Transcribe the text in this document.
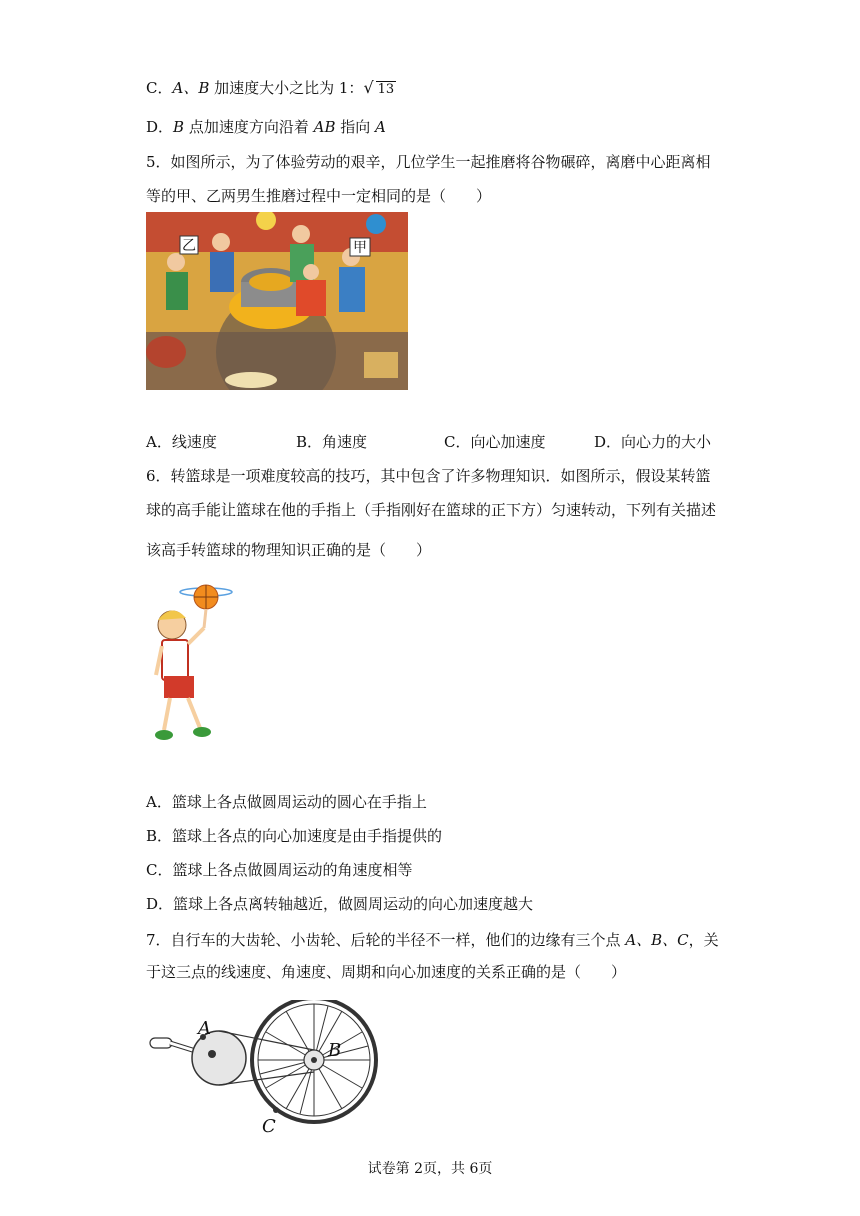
C．A、B 加速度大小之比为 1：√ 13
D．B 点加速度方向沿着 AB 指向 A
5．如图所示，为了体验劳动的艰辛，几位学生一起推磨将谷物碾碎，离磨中心距离相
等的甲、乙两男生推磨过程中一定相同的是（　　）
乙	甲
A．线速度	B．角速度	C．向心加速度	D．向心力的大小
6．转篮球是一项难度较高的技巧，其中包含了许多物理知识．如图所示，假设某转篮
球的高手能让篮球在他的手指上（手指刚好在篮球的正下方）匀速转动，下列有关描述
该高手转篮球的物理知识正确的是（　　）
A．篮球上各点做圆周运动的圆心在手指上
B．篮球上各点的向心加速度是由手指提供的
C．篮球上各点做圆周运动的角速度相等
D．篮球上各点离转轴越近，做圆周运动的向心加速度越大
7．自行车的大齿轮、小齿轮、后轮的半径不一样，他们的边缘有三个点 A、B、C，关
于这三点的线速度、角速度、周期和向心加速度的关系正确的是（　　）
A
B
C
试卷第 2页，共 6页
